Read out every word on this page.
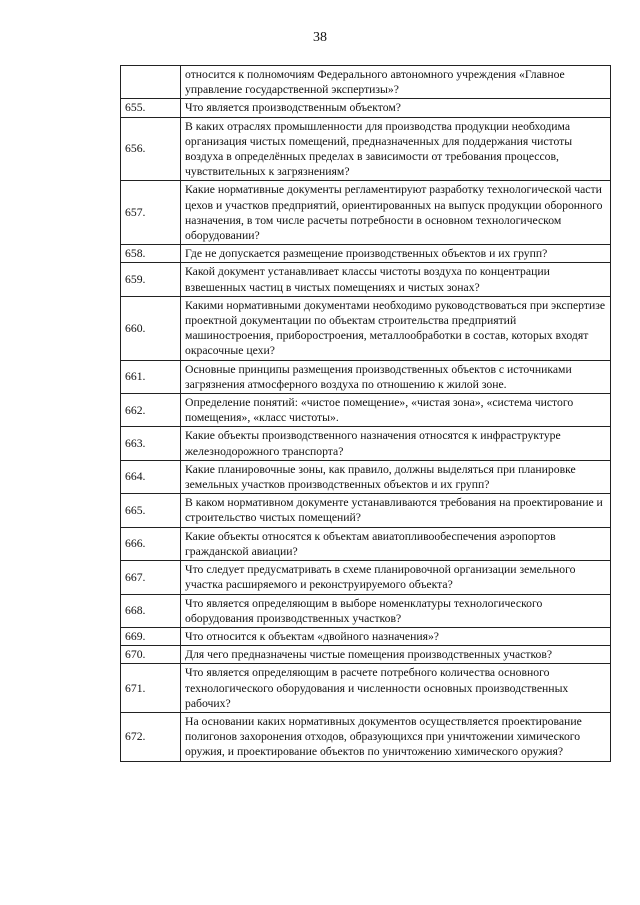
38
	относится к полномочиям Федерального автономного учреждения «Главное управление государственной экспертизы»?
655.	Что является производственным объектом?
656.	В каких отраслях промышленности для производства продукции необходима организация чистых помещений, предназначенных для поддержания чистоты воздуха в определённых пределах в зависимости от требования процессов, чувствительных к загрязнениям?
657.	Какие нормативные документы регламентируют разработку технологической части цехов и участков предприятий, ориентированных на выпуск продукции оборонного назначения, в том числе расчеты потребности в основном технологическом оборудовании?
658.	Где не допускается размещение производственных объектов и их групп?
659.	Какой документ устанавливает классы чистоты воздуха по концентрации взвешенных частиц в чистых помещениях и чистых зонах?
660.	Какими нормативными документами необходимо руководствоваться при экспертизе проектной документации по объектам строительства предприятий машиностроения, приборостроения, металлообработки в состав, которых входят окрасочные цехи?
661.	Основные принципы размещения производственных объектов с источниками загрязнения атмосферного воздуха по отношению к жилой зоне.
662.	Определение понятий: «чистое помещение», «чистая зона», «система чистого помещения», «класс чистоты».
663.	Какие объекты производственного назначения относятся к инфраструктуре железнодорожного транспорта?
664.	Какие планировочные зоны, как правило, должны выделяться при планировке земельных участков производственных объектов и их групп?
665.	В каком нормативном документе устанавливаются требования на проектирование и строительство чистых помещений?
666.	Какие объекты относятся к объектам авиатопливообеспечения аэропортов гражданской авиации?
667.	Что следует предусматривать в схеме планировочной организации земельного участка расширяемого и реконструируемого объекта?
668.	Что является определяющим в выборе номенклатуры технологического оборудования производственных участков?
669.	Что относится к объектам «двойного назначения»?
670.	Для чего предназначены чистые помещения производственных участков?
671.	Что является определяющим в расчете потребного количества основного технологического оборудования и численности основных производственных рабочих?
672.	На основании каких нормативных документов осуществляется проектирование полигонов захоронения отходов, образующихся при уничтожении химического оружия, и проектирование объектов по уничтожению химического оружия?
